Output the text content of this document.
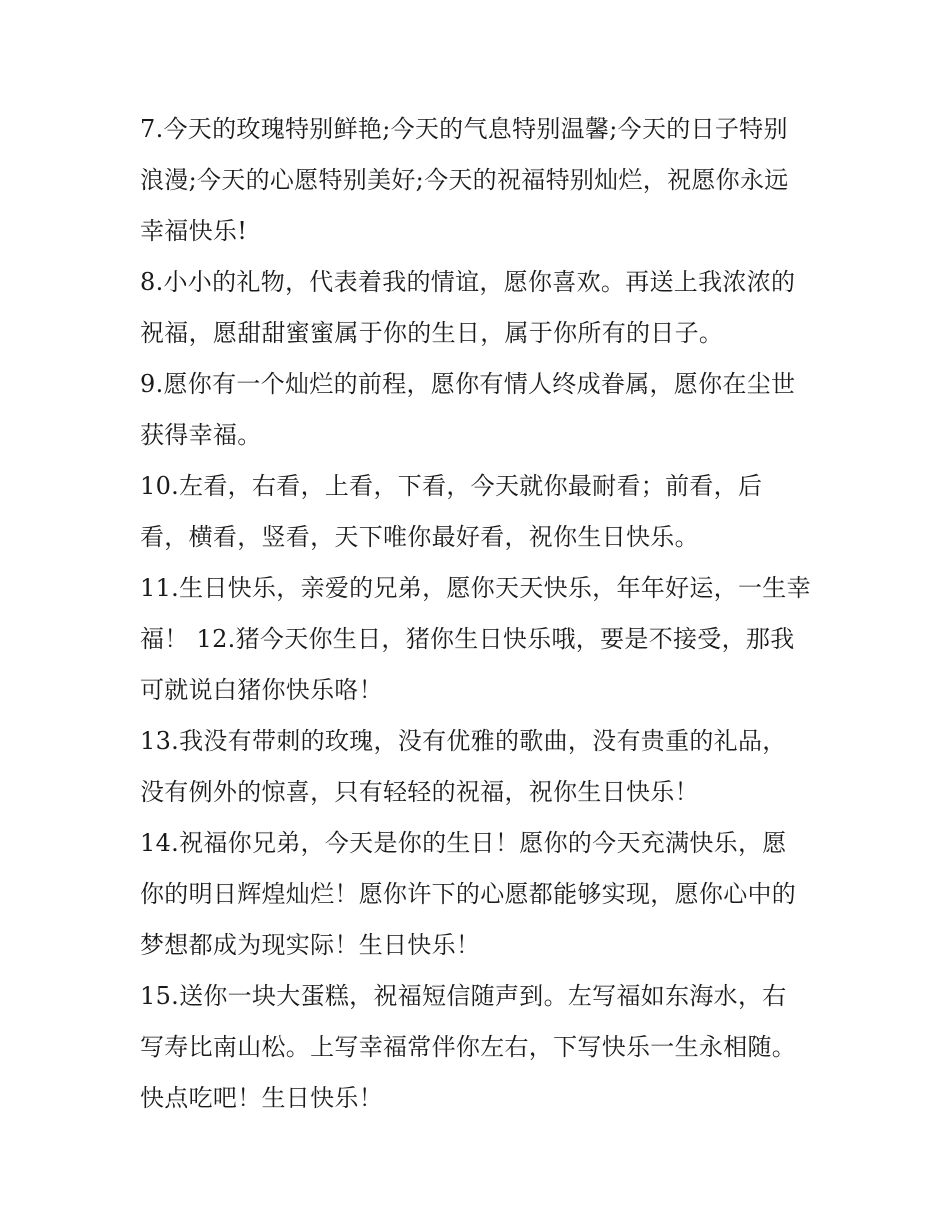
7.今天的玫瑰特别鲜艳;今天的气息特别温馨;今天的日子特别
浪漫;今天的心愿特别美好;今天的祝福特别灿烂，祝愿你永远
幸福快乐!

8.小小的礼物，代表着我的情谊，愿你喜欢。再送上我浓浓的
祝福，愿甜甜蜜蜜属于你的生日，属于你所有的日子。

9.愿你有一个灿烂的前程，愿你有情人终成眷属，愿你在尘世
获得幸福。

10.左看，右看，上看，下看，今天就你最耐看；前看，后
看，横看，竖看，天下唯你最好看，祝你生日快乐。

11.生日快乐，亲爱的兄弟，愿你天天快乐，年年好运，一生幸
福！ 12.猪今天你生日，猪你生日快乐哦，要是不接受，那我
可就说白猪你快乐咯！

13.我没有带刺的玫瑰，没有优雅的歌曲，没有贵重的礼品，
没有例外的惊喜，只有轻轻的祝福，祝你生日快乐！

14.祝福你兄弟，今天是你的生日！愿你的今天充满快乐，愿
你的明日辉煌灿烂！愿你许下的心愿都能够实现，愿你心中的
梦想都成为现实际！生日快乐！

15.送你一块大蛋糕，祝福短信随声到。左写福如东海水，右
写寿比南山松。上写幸福常伴你左右，下写快乐一生永相随。
快点吃吧！生日快乐！
